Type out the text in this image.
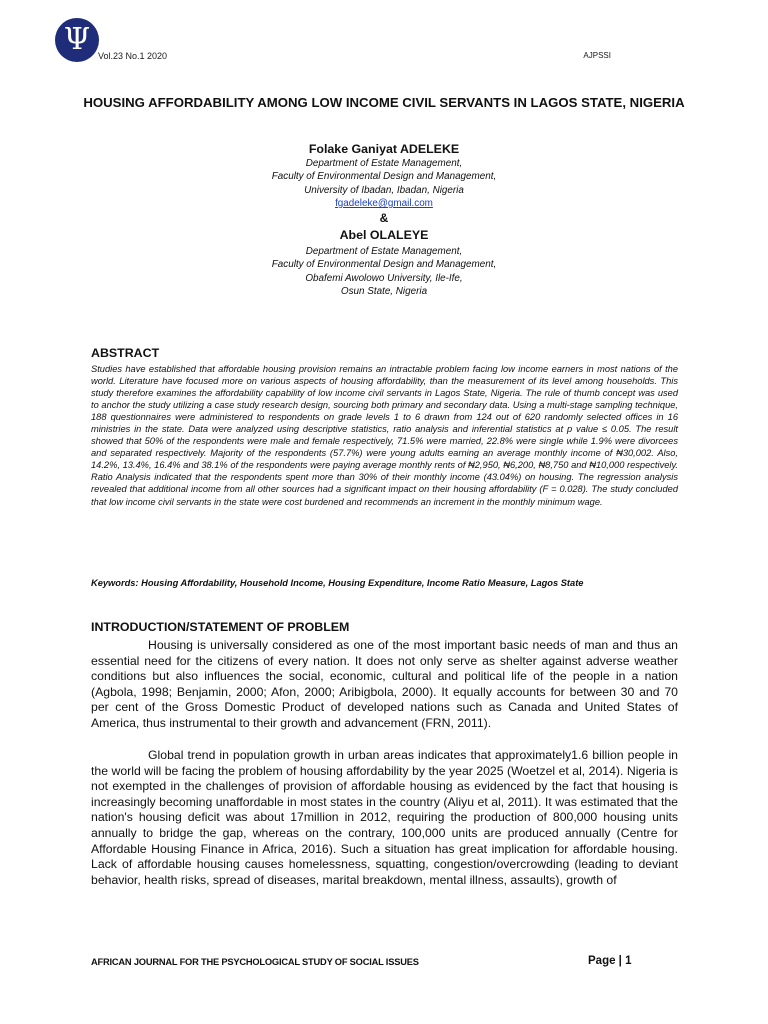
Ψ Vol.23 No.1 2020	AJPSSI
HOUSING AFFORDABILITY AMONG LOW INCOME CIVIL SERVANTS IN LAGOS STATE, NIGERIA
Folake Ganiyat ADELEKE
Department of Estate Management,
Faculty of Environmental Design and Management,
University of Ibadan, Ibadan, Nigeria
fgadeleke@gmail.com
&
Abel OLALEYE
Department of Estate Management,
Faculty of Environmental Design and Management,
Obafemi Awolowo University, Ile-Ife,
Osun State, Nigeria
ABSTRACT

Studies have established that affordable housing provision remains an intractable problem facing low income earners in most nations of the world. Literature have focused more on various aspects of housing affordability, than the measurement of its level among households. This study therefore examines the affordability capability of low income civil servants in Lagos State, Nigeria. The rule of thumb concept was used to anchor the study utilizing a case study research design, sourcing both primary and secondary data. Using a multi-stage sampling technique, 188 questionnaires were administered to respondents on grade levels 1 to 6 drawn from 124 out of 620 randomly selected offices in 16 ministries in the state. Data were analyzed using descriptive statistics, ratio analysis and inferential statistics at p value ≤ 0.05. The result showed that 50% of the respondents were male and female respectively, 71.5% were married, 22.8% were single while 1.9% were divorcees and separated respectively. Majority of the respondents (57.7%) were young adults earning an average monthly income of ₦30,002. Also, 14.2%, 13.4%, 16.4% and 38.1% of the respondents were paying average monthly rents of ₦2,950, ₦6,200, ₦8,750 and ₦10,000 respectively. Ratio Analysis indicated that the respondents spent more than 30% of their monthly income (43.04%) on housing. The regression analysis revealed that additional income from all other sources had a significant impact on their housing affordability (F = 0.028). The study concluded that low income civil servants in the state were cost burdened and recommends an increment in the monthly minimum wage.

Keywords: Housing Affordability, Household Income, Housing Expenditure, Income Ratio Measure, Lagos State

INTRODUCTION/STATEMENT OF PROBLEM

Housing is universally considered as one of the most important basic needs of man and thus an essential need for the citizens of every nation. It does not only serve as shelter against adverse weather conditions but also influences the social, economic, cultural and political life of the people in a nation (Agbola, 1998; Benjamin, 2000; Afon, 2000; Aribigbola, 2000). It equally accounts for between 30 and 70 per cent of the Gross Domestic Product of developed nations such as Canada and United States of America, thus instrumental to their growth and advancement (FRN, 2011).

Global trend in population growth in urban areas indicates that approximately1.6 billion people in the world will be facing the problem of housing affordability by the year 2025 (Woetzel et al, 2014). Nigeria is not exempted in the challenges of provision of affordable housing as evidenced by the fact that housing is increasingly becoming unaffordable in most states in the country (Aliyu et al, 2011). It was estimated that the nation's housing deficit was about 17million in 2012, requiring the production of 800,000 housing units annually to bridge the gap, whereas on the contrary, 100,000 units are produced annually (Centre for Affordable Housing Finance in Africa, 2016). Such a situation has great implication for affordable housing. Lack of affordable housing causes homelessness, squatting, congestion/overcrowding (leading to deviant behavior, health risks, spread of diseases, marital breakdown, mental illness, assaults), growth of

AFRICAN JOURNAL FOR THE PSYCHOLOGICAL STUDY OF SOCIAL ISSUES	Page | 1
